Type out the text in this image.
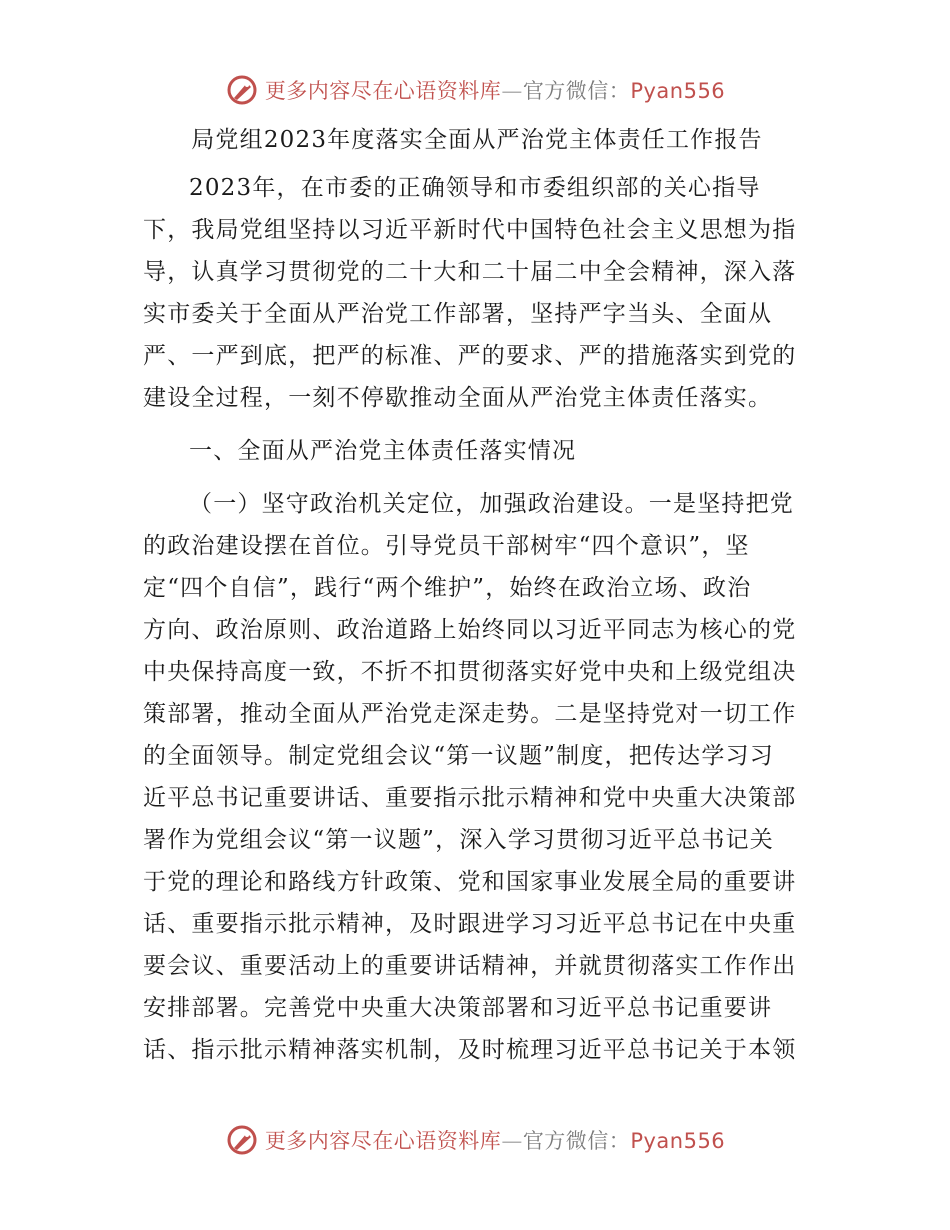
更多内容尽在心语资料库—官方微信：Pyan556
局党组2023年度落实全面从严治党主体责任工作报告
2023年，在市委的正确领导和市委组织部的关心指导
下，我局党组坚持以习近平新时代中国特色社会主义思想为指
导，认真学习贯彻党的二十大和二十届二中全会精神，深入落
实市委关于全面从严治党工作部署，坚持严字当头、全面从
严、一严到底，把严的标准、严的要求、严的措施落实到党的
建设全过程，一刻不停歇推动全面从严治党主体责任落实。
一、全面从严治党主体责任落实情况
（一）坚守政治机关定位，加强政治建设。一是坚持把党
的政治建设摆在首位。引导党员干部树牢“四个意识”，坚
定“四个自信”，践行“两个维护”，始终在政治立场、政治
方向、政治原则、政治道路上始终同以习近平同志为核心的党
中央保持高度一致，不折不扣贯彻落实好党中央和上级党组决
策部署，推动全面从严治党走深走势。二是坚持党对一切工作
的全面领导。制定党组会议“第一议题”制度，把传达学习习
近平总书记重要讲话、重要指示批示精神和党中央重大决策部
署作为党组会议“第一议题”，深入学习贯彻习近平总书记关
于党的理论和路线方针政策、党和国家事业发展全局的重要讲
话、重要指示批示精神，及时跟进学习习近平总书记在中央重
要会议、重要活动上的重要讲话精神，并就贯彻落实工作作出
安排部署。完善党中央重大决策部署和习近平总书记重要讲
话、指示批示精神落实机制，及时梳理习近平总书记关于本领
更多内容尽在心语资料库—官方微信：Pyan556
